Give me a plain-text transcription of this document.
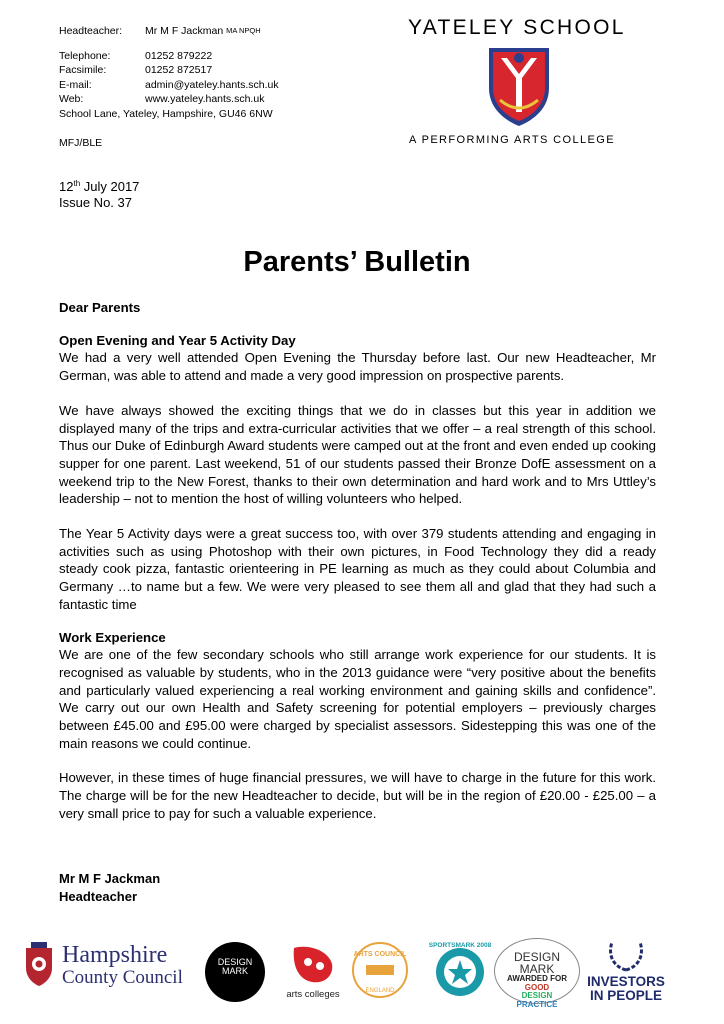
Headteacher:	Mr M F Jackman
MA NPQH
Telephone:	01252 879222
Facsimile:	01252 872517
E-mail:	admin@yateley.hants.sch.uk
Web:	www.yateley.hants.sch.uk
School Lane, Yateley, Hampshire, GU46 6NW
MFJ/BLE
YATELEY SCHOOL
A PERFORMING ARTS COLLEGE
12th July 2017
Issue No. 37
Parents’ Bulletin
Dear Parents
Open Evening and Year 5 Activity Day

We had a very well attended Open Evening the Thursday before last. Our new Headteacher, Mr German, was able to attend and made a very good impression on prospective parents.

We have always showed the exciting things that we do in classes but this year in addition we displayed many of the trips and extra-curricular activities that we offer – a real strength of this school. Thus our Duke of Edinburgh Award students were camped out at the front and even ended up cooking supper for one parent. Last weekend, 51 of our students passed their Bronze DofE assessment on a weekend trip to the New Forest, thanks to their own determination and hard work and to Mrs Uttley’s leadership – not to mention the host of willing volunteers who helped.

The Year 5 Activity days were a great success too, with over 379 students attending and engaging in activities such as using Photoshop with their own pictures, in Food Technology they did a ready steady cook pizza, fantastic orienteering in PE learning as much as they could about Columbia and Germany …to name but a few. We were very pleased to see them all and glad that they had such a fantastic time

Work Experience

We are one of the few secondary schools who still arrange work experience for our students. It is recognised as valuable by students, who in the 2013 guidance were “very positive about the benefits and particularly valued experiencing a real working environment and gaining skills and confidence”. We carry out our own Health and Safety screening for potential employers – previously charges between £45.00 and £95.00 were charged by specialist assessors. Sidestepping this was one of the main reasons we could continue.

However, in these times of huge financial pressures, we will have to charge in the future for this work. The charge will be for the new Headteacher to decide, but will be in the region of £20.00 - £25.00 – a very small price to pay for such a valuable experience.

Mr M F Jackman
Headteacher
Hampshire
County Council
DESIGN
MARK
arts colleges
ARTS COUNCIL
ENGLAND
SPORTSMARK 2008
DESIGN
MARK
AWARDED FOR
GOOD
DESIGN
PRACTICE
INVESTORS
IN PEOPLE
